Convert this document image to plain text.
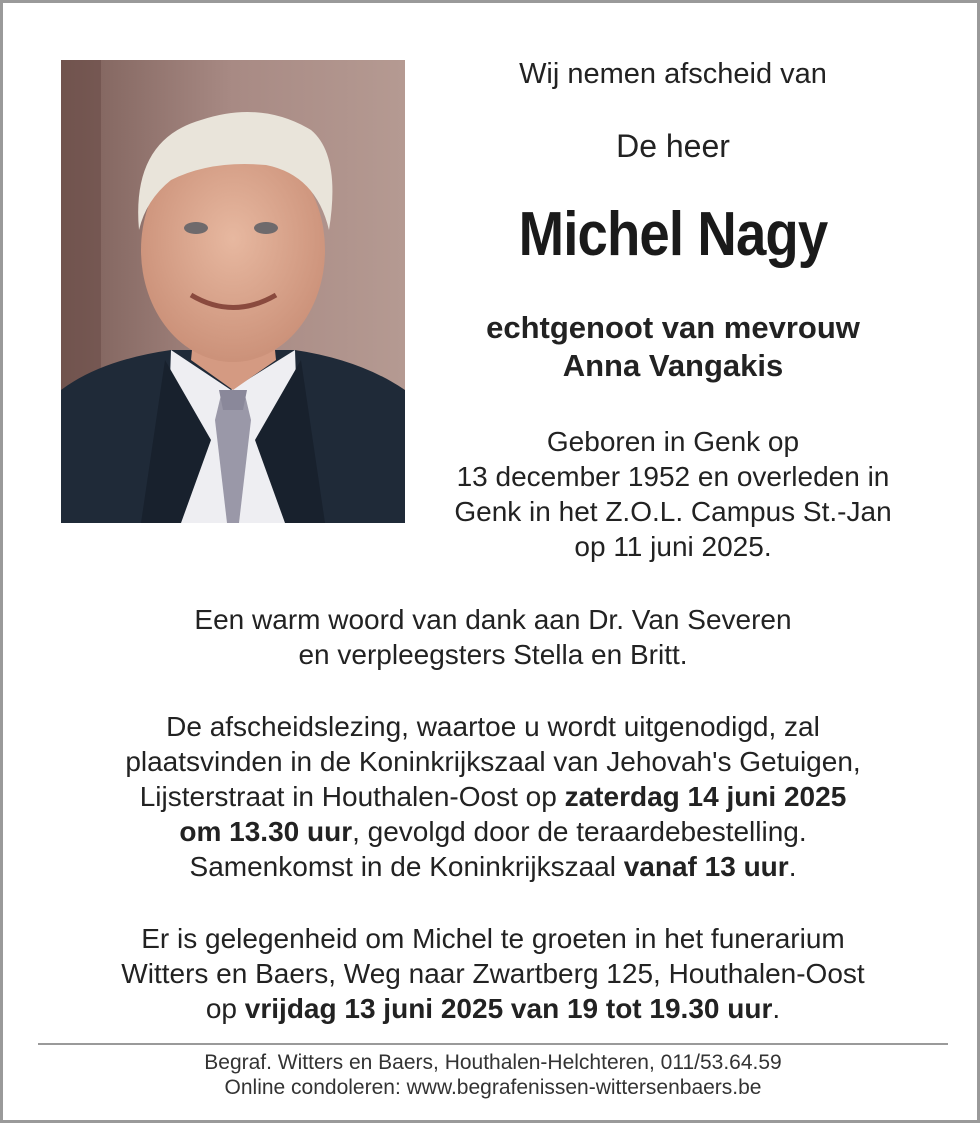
Wij nemen afscheid van
De heer
Michel Nagy
echtgenoot van mevrouw
Anna Vangakis
Geboren in Genk op
13 december 1952 en overleden in
Genk in het Z.O.L. Campus St.-Jan
op 11 juni 2025.
Een warm woord van dank aan Dr. Van Severen
en verpleegsters Stella en Britt.
De afscheidslezing, waartoe u wordt uitgenodigd, zal
plaatsvinden in de Koninkrijkszaal van Jehovah's Getuigen,
Lijsterstraat in Houthalen-Oost op zaterdag 14 juni 2025
om 13.30 uur, gevolgd door de teraardebestelling.
Samenkomst in de Koninkrijkszaal vanaf 13 uur.
Er is gelegenheid om Michel te groeten in het funerarium
Witters en Baers, Weg naar Zwartberg 125, Houthalen-Oost
op vrijdag 13 juni 2025 van 19 tot 19.30 uur.
Begraf. Witters en Baers, Houthalen-Helchteren, 011/53.64.59
Online condoleren: www.begrafenissen-wittersenbaers.be
